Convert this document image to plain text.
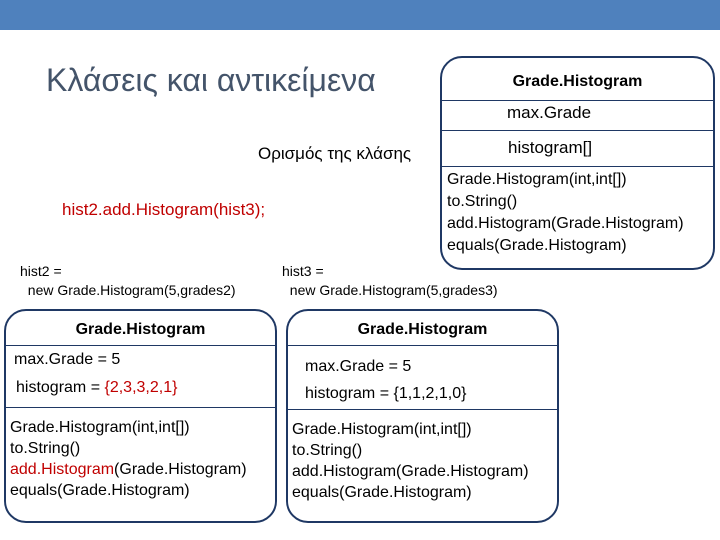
Κλάσεις και αντικείμενα
Ορισμός της κλάσης
hist2.add.Histogram(hist3);
hist2 =
new Grade.Histogram(5,grades2)
hist3 =
new Grade.Histogram(5,grades3)
Grade.Histogram
max.Grade
histogram[]
Grade.Histogram(int,int[])
to.String()
add.Histogram(Grade.Histogram)
equals(Grade.Histogram)
Grade.Histogram
max.Grade = 5
histogram = {2,3,3,2,1}
Grade.Histogram(int,int[])
to.String()
add.Histogram(Grade.Histogram)
equals(Grade.Histogram)
Grade.Histogram
max.Grade = 5
histogram = {1,1,2,1,0}
Grade.Histogram(int,int[])
to.String()
add.Histogram(Grade.Histogram)
equals(Grade.Histogram)
